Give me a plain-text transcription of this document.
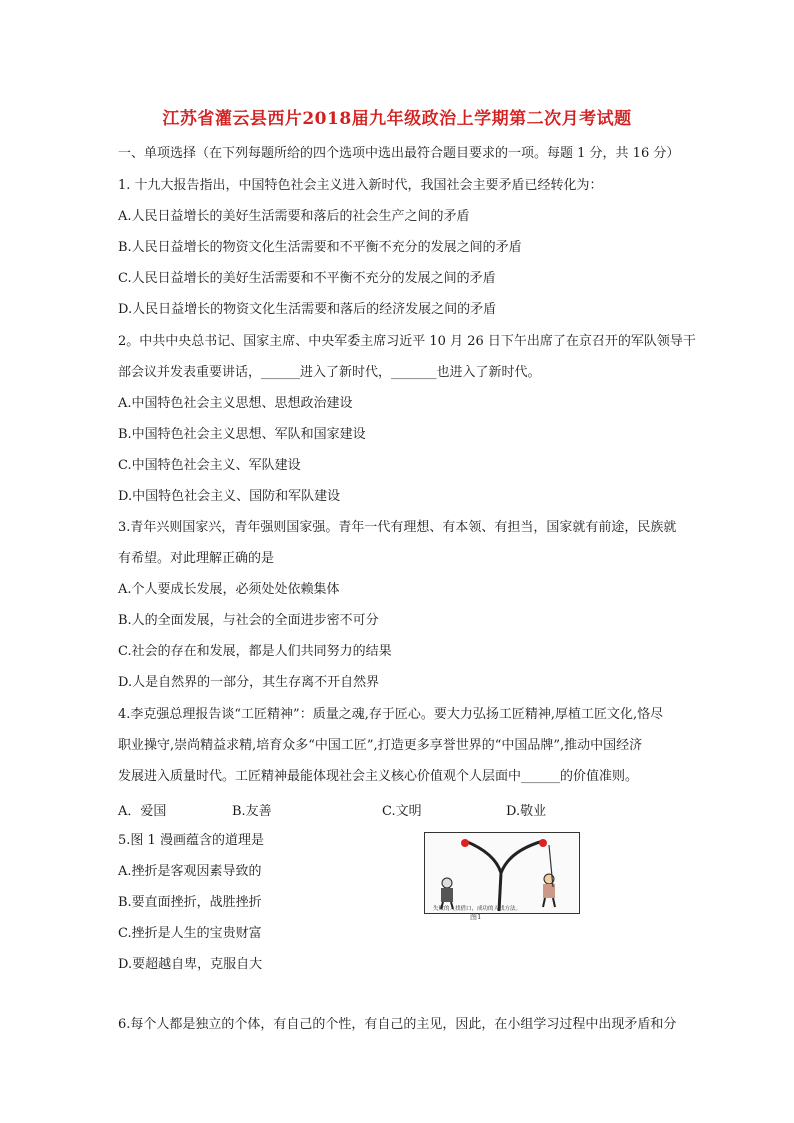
江苏省灌云县西片2018届九年级政治上学期第二次月考试题
一、单项选择（在下列每题所给的四个选项中选出最符合题目要求的一项。每题 1 分，共 16 分）
1. 十九大报告指出，中国特色社会主义进入新时代，我国社会主要矛盾已经转化为：
A.人民日益增长的美好生活需要和落后的社会生产之间的矛盾
B.人民日益增长的物资文化生活需要和不平衡不充分的发展之间的矛盾
C.人民日益增长的美好生活需要和不平衡不充分的发展之间的矛盾
D.人民日益增长的物资文化生活需要和落后的经济发展之间的矛盾
2。中共中央总书记、国家主席、中央军委主席习近平 10 月 26 日下午出席了在京召开的军队领导干
部会议并发表重要讲话，______进入了新时代，_______也进入了新时代。
A.中国特色社会主义思想、思想政治建设
B.中国特色社会主义思想、军队和国家建设
C.中国特色社会主义、军队建设
D.中国特色社会主义、国防和军队建设
3.青年兴则国家兴，青年强则国家强。青年一代有理想、有本领、有担当，国家就有前途，民族就
有希望。对此理解正确的是
A.个人要成长发展，必须处处依赖集体
B.人的全面发展，与社会的全面进步密不可分
C.社会的存在和发展，都是人们共同努力的结果
D.人是自然界的一部分，其生存离不开自然界
4.李克强总理报告谈“工匠精神”：质量之魂,存于匠心。要大力弘扬工匠精神,厚植工匠文化,恪尽
职业操守,崇尚精益求精,培育众多“中国工匠”,打造更多享誉世界的“中国品牌”,推动中国经济
发展进入质量时代。工匠精神最能体现社会主义核心价值观个人层面中______的价值准则。
A．爱国	B.友善	C.文明	D.敬业
5.图 1 漫画蕴含的道理是
A.挫折是客观因素导致的
B.要直面挫折，战胜挫折
C.挫折是人生的宝贵财富
D.要超越自卑，克服自大
6.每个人都是独立的个体，有自己的个性，有自己的主见，因此，在小组学习过程中出现矛盾和分
失败的人找借口，成功的人找方法。
图1
